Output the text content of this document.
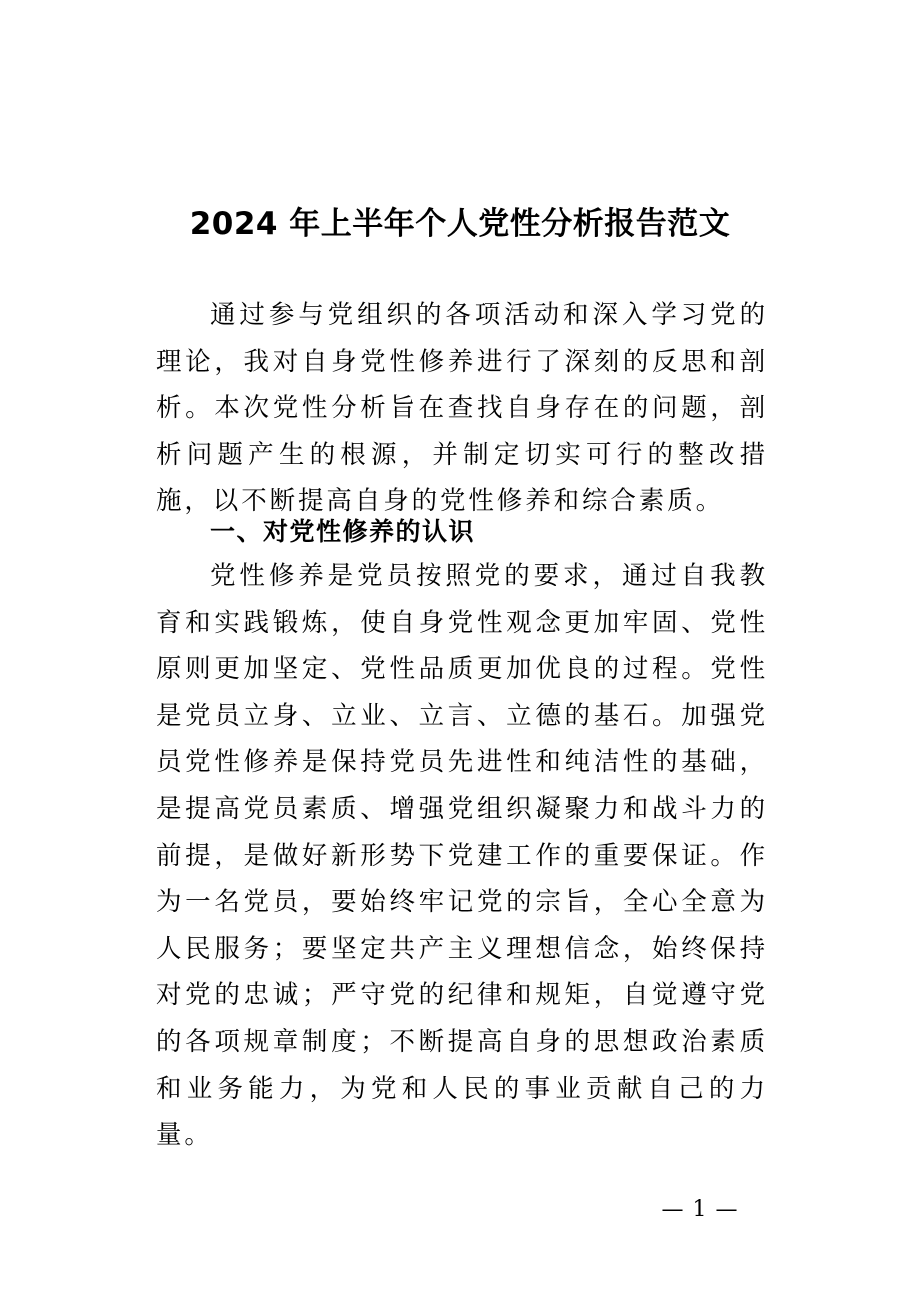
2024 年上半年个人党性分析报告范文

通过参与党组织的各项活动和深入学习党的理论，我对自身党性修养进行了深刻的反思和剖析。本次党性分析旨在查找自身存在的问题，剖析问题产生的根源，并制定切实可行的整改措施，以不断提高自身的党性修养和综合素质。

一、对党性修养的认识

党性修养是党员按照党的要求，通过自我教育和实践锻炼，使自身党性观念更加牢固、党性原则更加坚定、党性品质更加优良的过程。党性是党员立身、立业、立言、立德的基石。加强党员党性修养是保持党员先进性和纯洁性的基础，是提高党员素质、增强党组织凝聚力和战斗力的前提，是做好新形势下党建工作的重要保证。作为一名党员，要始终牢记党的宗旨，全心全意为人民服务；要坚定共产主义理想信念，始终保持对党的忠诚；严守党的纪律和规矩，自觉遵守党的各项规章制度；不断提高自身的思想政治素质和业务能力，为党和人民的事业贡献自己的力量。

— 1 —
